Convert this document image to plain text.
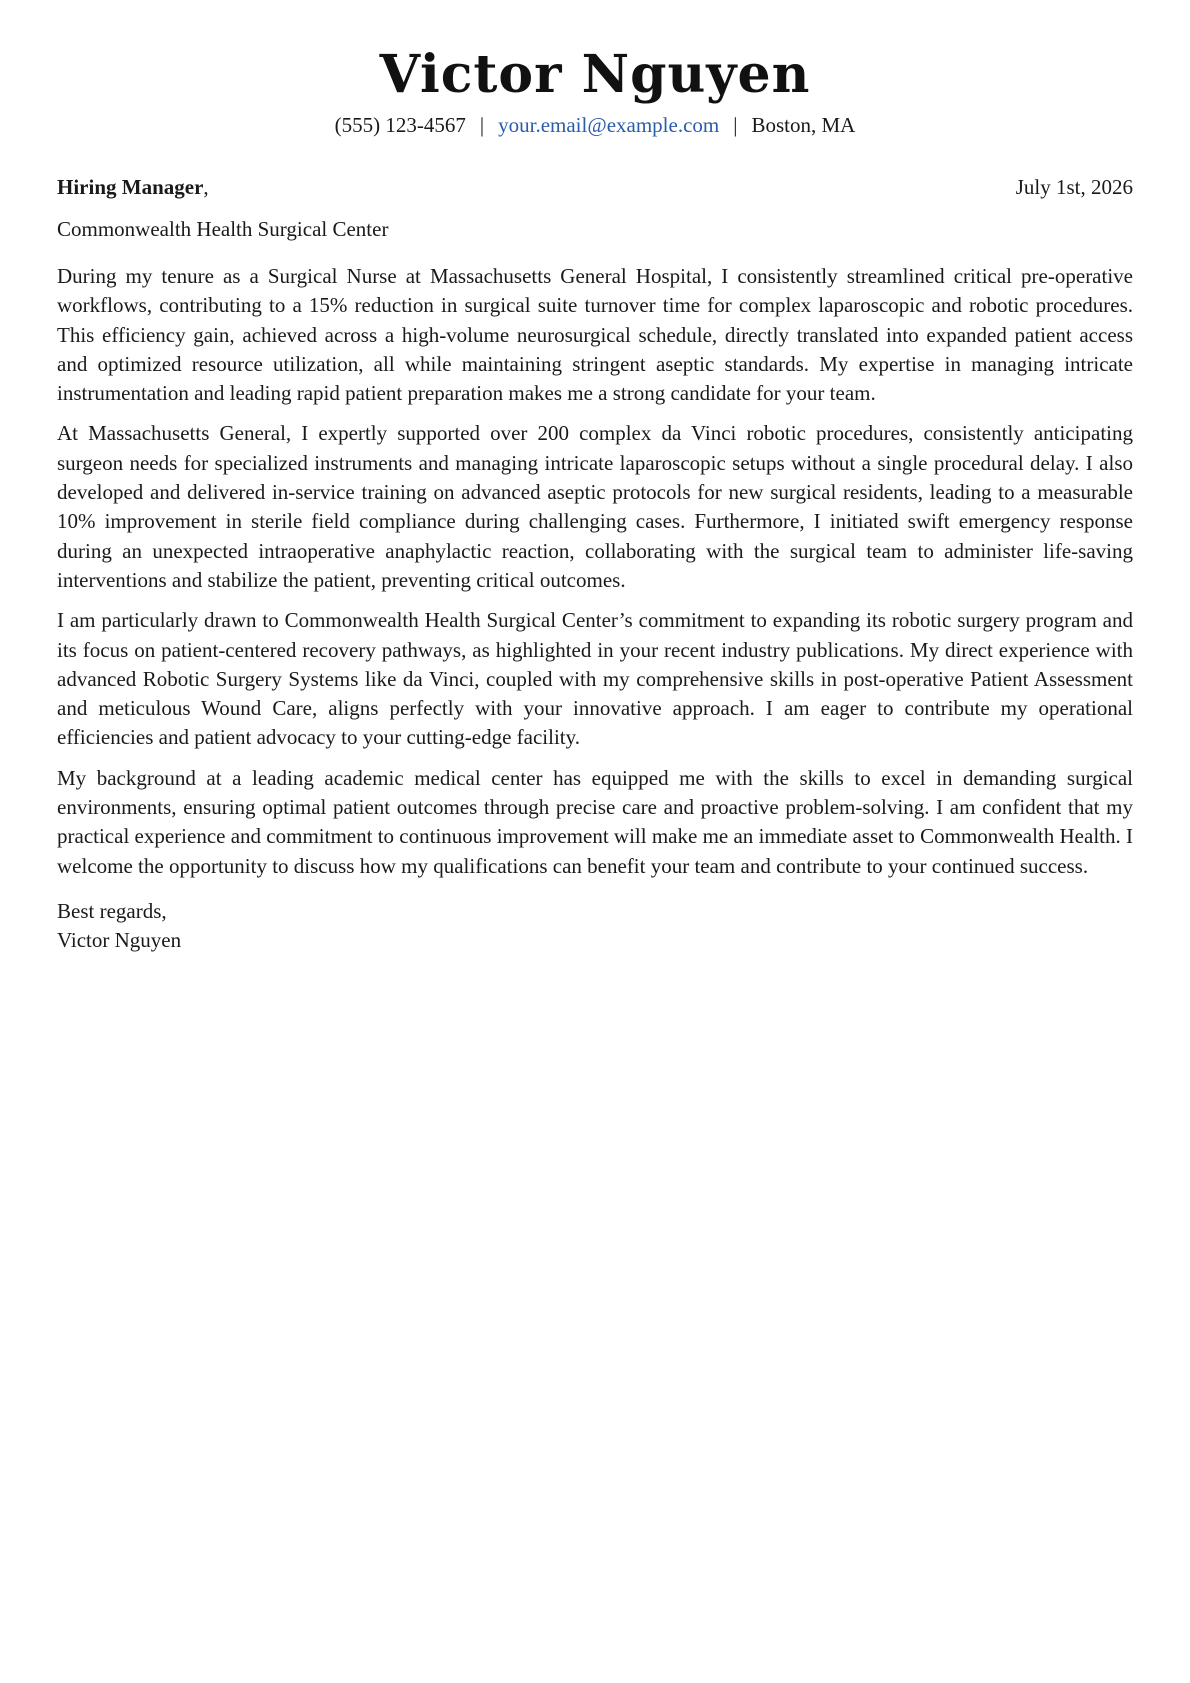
Victor Nguyen
(555) 123-4567 | your.email@example.com | Boston, MA
Hiring Manager,	July 1st, 2026
Commonwealth Health Surgical Center

During my tenure as a Surgical Nurse at Massachusetts General Hospital, I consistently streamlined critical pre-operative workflows, contributing to a 15% reduction in surgical suite turnover time for complex laparoscopic and robotic procedures. This efficiency gain, achieved across a high-volume neurosurgical schedule, directly translated into expanded patient access and optimized resource utilization, all while maintaining stringent aseptic standards. My expertise in managing intricate instrumentation and leading rapid patient preparation makes me a strong candidate for your team.

At Massachusetts General, I expertly supported over 200 complex da Vinci robotic procedures, consistently anticipating surgeon needs for specialized instruments and managing intricate laparoscopic setups without a single procedural delay. I also developed and delivered in-service training on advanced aseptic protocols for new surgical residents, leading to a measurable 10% improvement in sterile field compliance during challenging cases. Furthermore, I initiated swift emergency response during an unexpected intraoperative anaphylactic reaction, collaborating with the surgical team to administer life-saving interventions and stabilize the patient, preventing critical outcomes.

I am particularly drawn to Commonwealth Health Surgical Center’s commitment to expanding its robotic surgery program and its focus on patient-centered recovery pathways, as highlighted in your recent industry publications. My direct experience with advanced Robotic Surgery Systems like da Vinci, coupled with my comprehensive skills in post-operative Patient Assessment and meticulous Wound Care, aligns perfectly with your innovative approach. I am eager to contribute my operational efficiencies and patient advocacy to your cutting-edge facility.

My background at a leading academic medical center has equipped me with the skills to excel in demanding surgical environments, ensuring optimal patient outcomes through precise care and proactive problem-solving. I am confident that my practical experience and commitment to continuous improvement will make me an immediate asset to Commonwealth Health. I welcome the opportunity to discuss how my qualifications can benefit your team and contribute to your continued success.

Best regards,
Victor Nguyen
